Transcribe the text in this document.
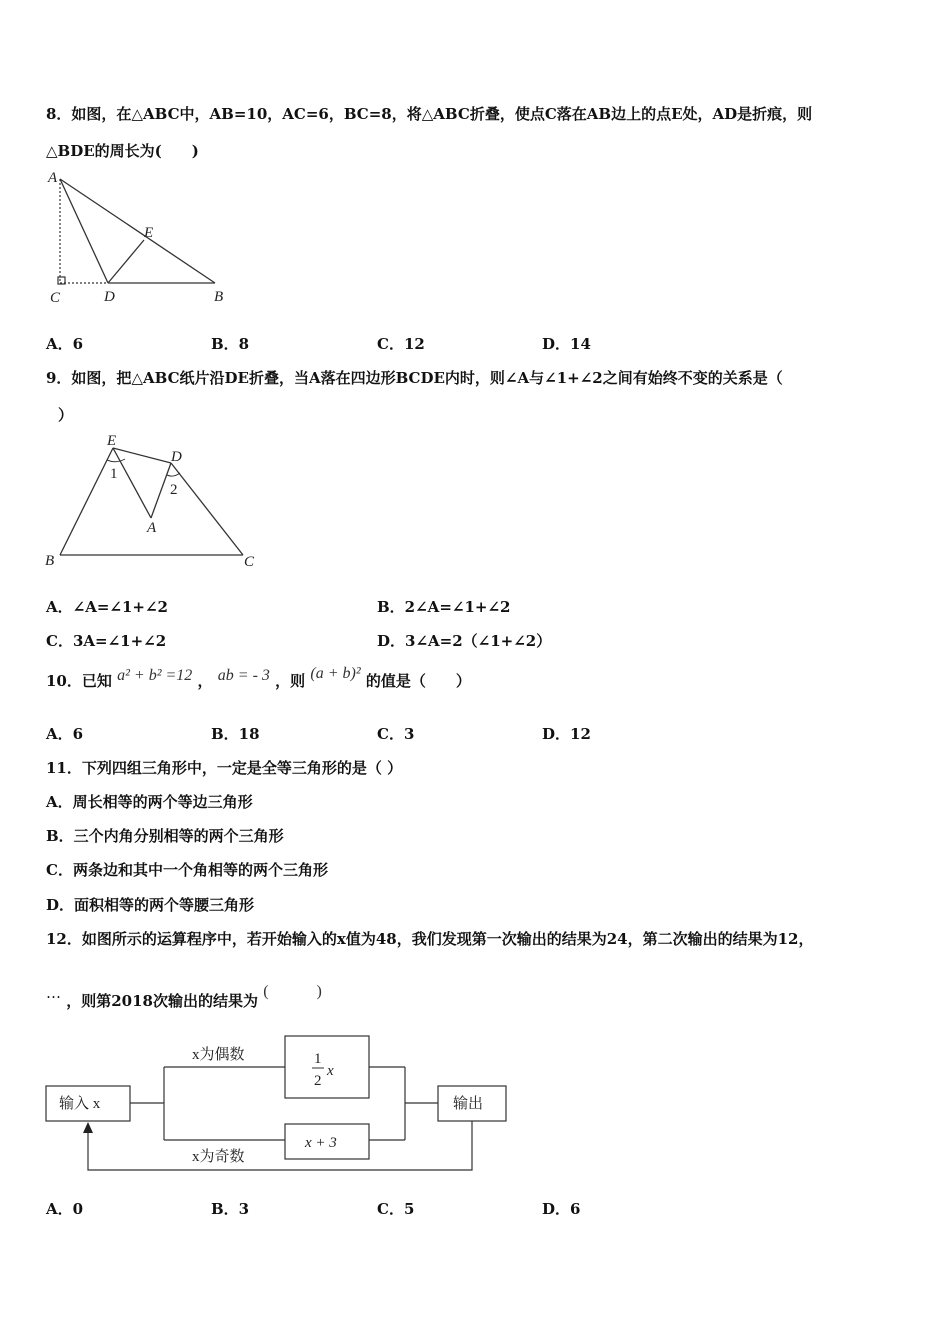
8．如图，在△ABC中，AB=10，AC=6，BC=8，将△ABC折叠，使点C落在AB边上的点E处，AD是折痕，则
△BDE的周长为(　　)
A
E
C	D	B
A．6	B．8	C．12	D．14
9．如图，把△ABC纸片沿DE折叠，当A落在四边形BCDE内时，则∠A与∠1+∠2之间有始终不变的关系是（
）
E
D
1
2
A
B	C
A．∠A=∠1+∠2	B．2∠A=∠1+∠2
C．3A=∠1+∠2	D．3∠A=2（∠1+∠2）
10．已知 a² + b² =12 ， ab = - 3 ，则 (a + b)² 的值是（　　）
A．6	B．18	C．3	D．12
11．下列四组三角形中，一定是全等三角形的是（ ）
A．周长相等的两个等边三角形
B．三个内角分别相等的两个三角形
C．两条边和其中一个角相等的两个三角形
D．面积相等的两个等腰三角形
12．如图所示的运算程序中，若开始输入的x值为48，我们发现第一次输出的结果为24，第二次输出的结果为12，
… ，则第2018次输出的结果为 (　　　)
输入 x
x为偶数
x为奇数
1
2
x
x + 3
输出
A．0	B．3	C．5	D．6
